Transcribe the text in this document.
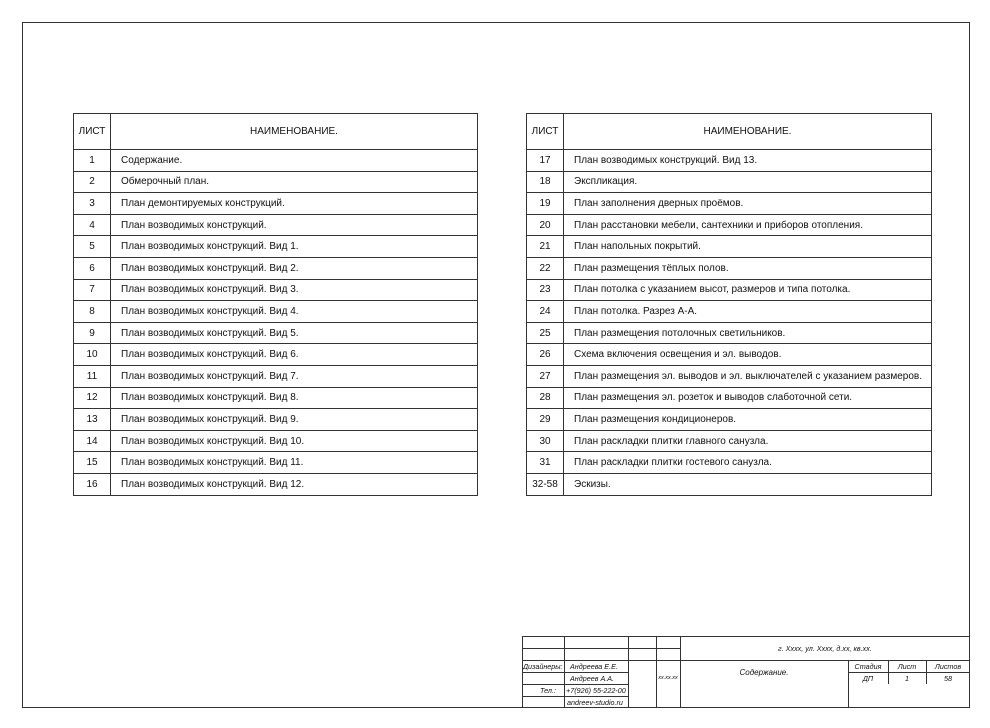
ЛИСТ	НАИМЕНОВАНИЕ.
1	Содержание.
2	Обмерочный план.
3	План демонтируемых конструкций.
4	План возводимых конструкций.
5	План возводимых конструкций. Вид 1.
6	План возводимых конструкций. Вид 2.
7	План возводимых конструкций. Вид 3.
8	План возводимых конструкций. Вид 4.
9	План возводимых конструкций. Вид 5.
10	План возводимых конструкций. Вид 6.
11	План возводимых конструкций. Вид 7.
12	План возводимых конструкций. Вид 8.
13	План возводимых конструкций. Вид 9.
14	План возводимых конструкций. Вид 10.
15	План возводимых конструкций. Вид 11.
16	План возводимых конструкций. Вид 12.
ЛИСТ	НАИМЕНОВАНИЕ.
17	План возводимых конструкций. Вид 13.
18	Экспликация.
19	План заполнения дверных проёмов.
20	План расстановки мебели, сантехники и приборов отопления.
21	План напольных покрытий.
22	План размещения тёплых полов.
23	План потолка с указанием высот, размеров и типа потолка.
24	План потолка. Разрез А-А.
25	План размещения потолочных светильников.
26	Схема включения освещения и эл. выводов.
27	План размещения эл. выводов и эл. выключателей с указанием размеров.
28	План размещения эл. розеток и выводов слаботочной сети.
29	План размещения кондиционеров.
30	План раскладки плитки главного санузла.
31	План раскладки плитки гостевого санузла.
32-58	Эскизы.
г. Xxxx, ул. Xxxx, д.xx, кв.xx.
Дизайнеры: Андреева Е.Е.
Андреев А.А.	xx.xx.xx
Тел.: +7(926) 55-222-00
andreev-studio.ru
Содержание.
Стадия	Лист	Листов
ДП	1	58
